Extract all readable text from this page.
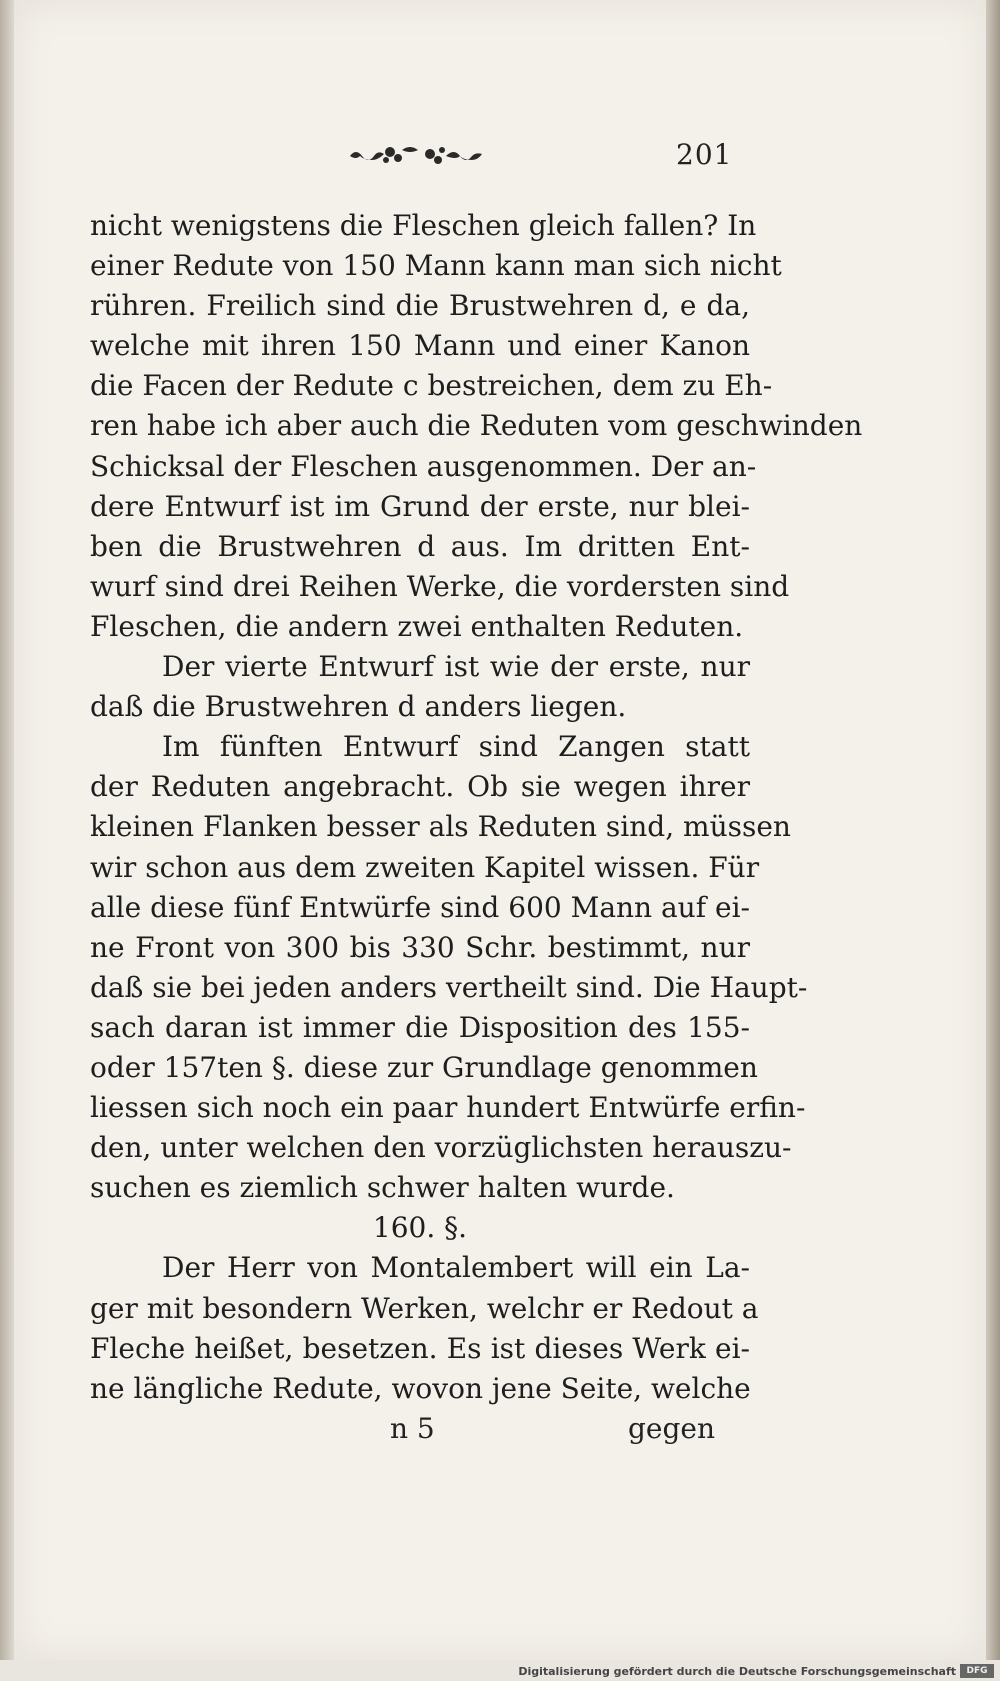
201
nicht wenigstens die Fleschen gleich fallen? In
einer Redute von 150 Mann kann man sich nicht
rühren. Freilich sind die Brustwehren d, e da,
welche mit ihren 150 Mann und einer Kanon
die Facen der Redute c bestreichen, dem zu Eh-
ren habe ich aber auch die Reduten vom geschwinden
Schicksal der Fleschen ausgenommen. Der an-
dere Entwurf ist im Grund der erste, nur blei-
ben die Brustwehren d aus. Im dritten Ent-
wurf sind drei Reihen Werke, die vordersten sind
Fleschen, die andern zwei enthalten Reduten.
Der vierte Entwurf ist wie der erste, nur
daß die Brustwehren d anders liegen.
Im fünften Entwurf sind Zangen statt
der Reduten angebracht. Ob sie wegen ihrer
kleinen Flanken besser als Reduten sind, müssen
wir schon aus dem zweiten Kapitel wissen. Für
alle diese fünf Entwürfe sind 600 Mann auf ei-
ne Front von 300 bis 330 Schr. bestimmt, nur
daß sie bei jeden anders vertheilt sind. Die Haupt-
sach daran ist immer die Disposition des 155-
oder 157ten §. diese zur Grundlage genommen
liessen sich noch ein paar hundert Entwürfe erfin-
den, unter welchen den vorzüglichsten herauszu-
suchen es ziemlich schwer halten wurde.
160. §.
Der Herr von Montalembert will ein La-
ger mit besondern Werken, welchr er Redout a
Fleche heißet, besetzen. Es ist dieses Werk ei-
ne längliche Redute, wovon jene Seite, welche
n 5	gegen
Digitalisierung gefördert durch die Deutsche Forschungsgemeinschaft	DFG
